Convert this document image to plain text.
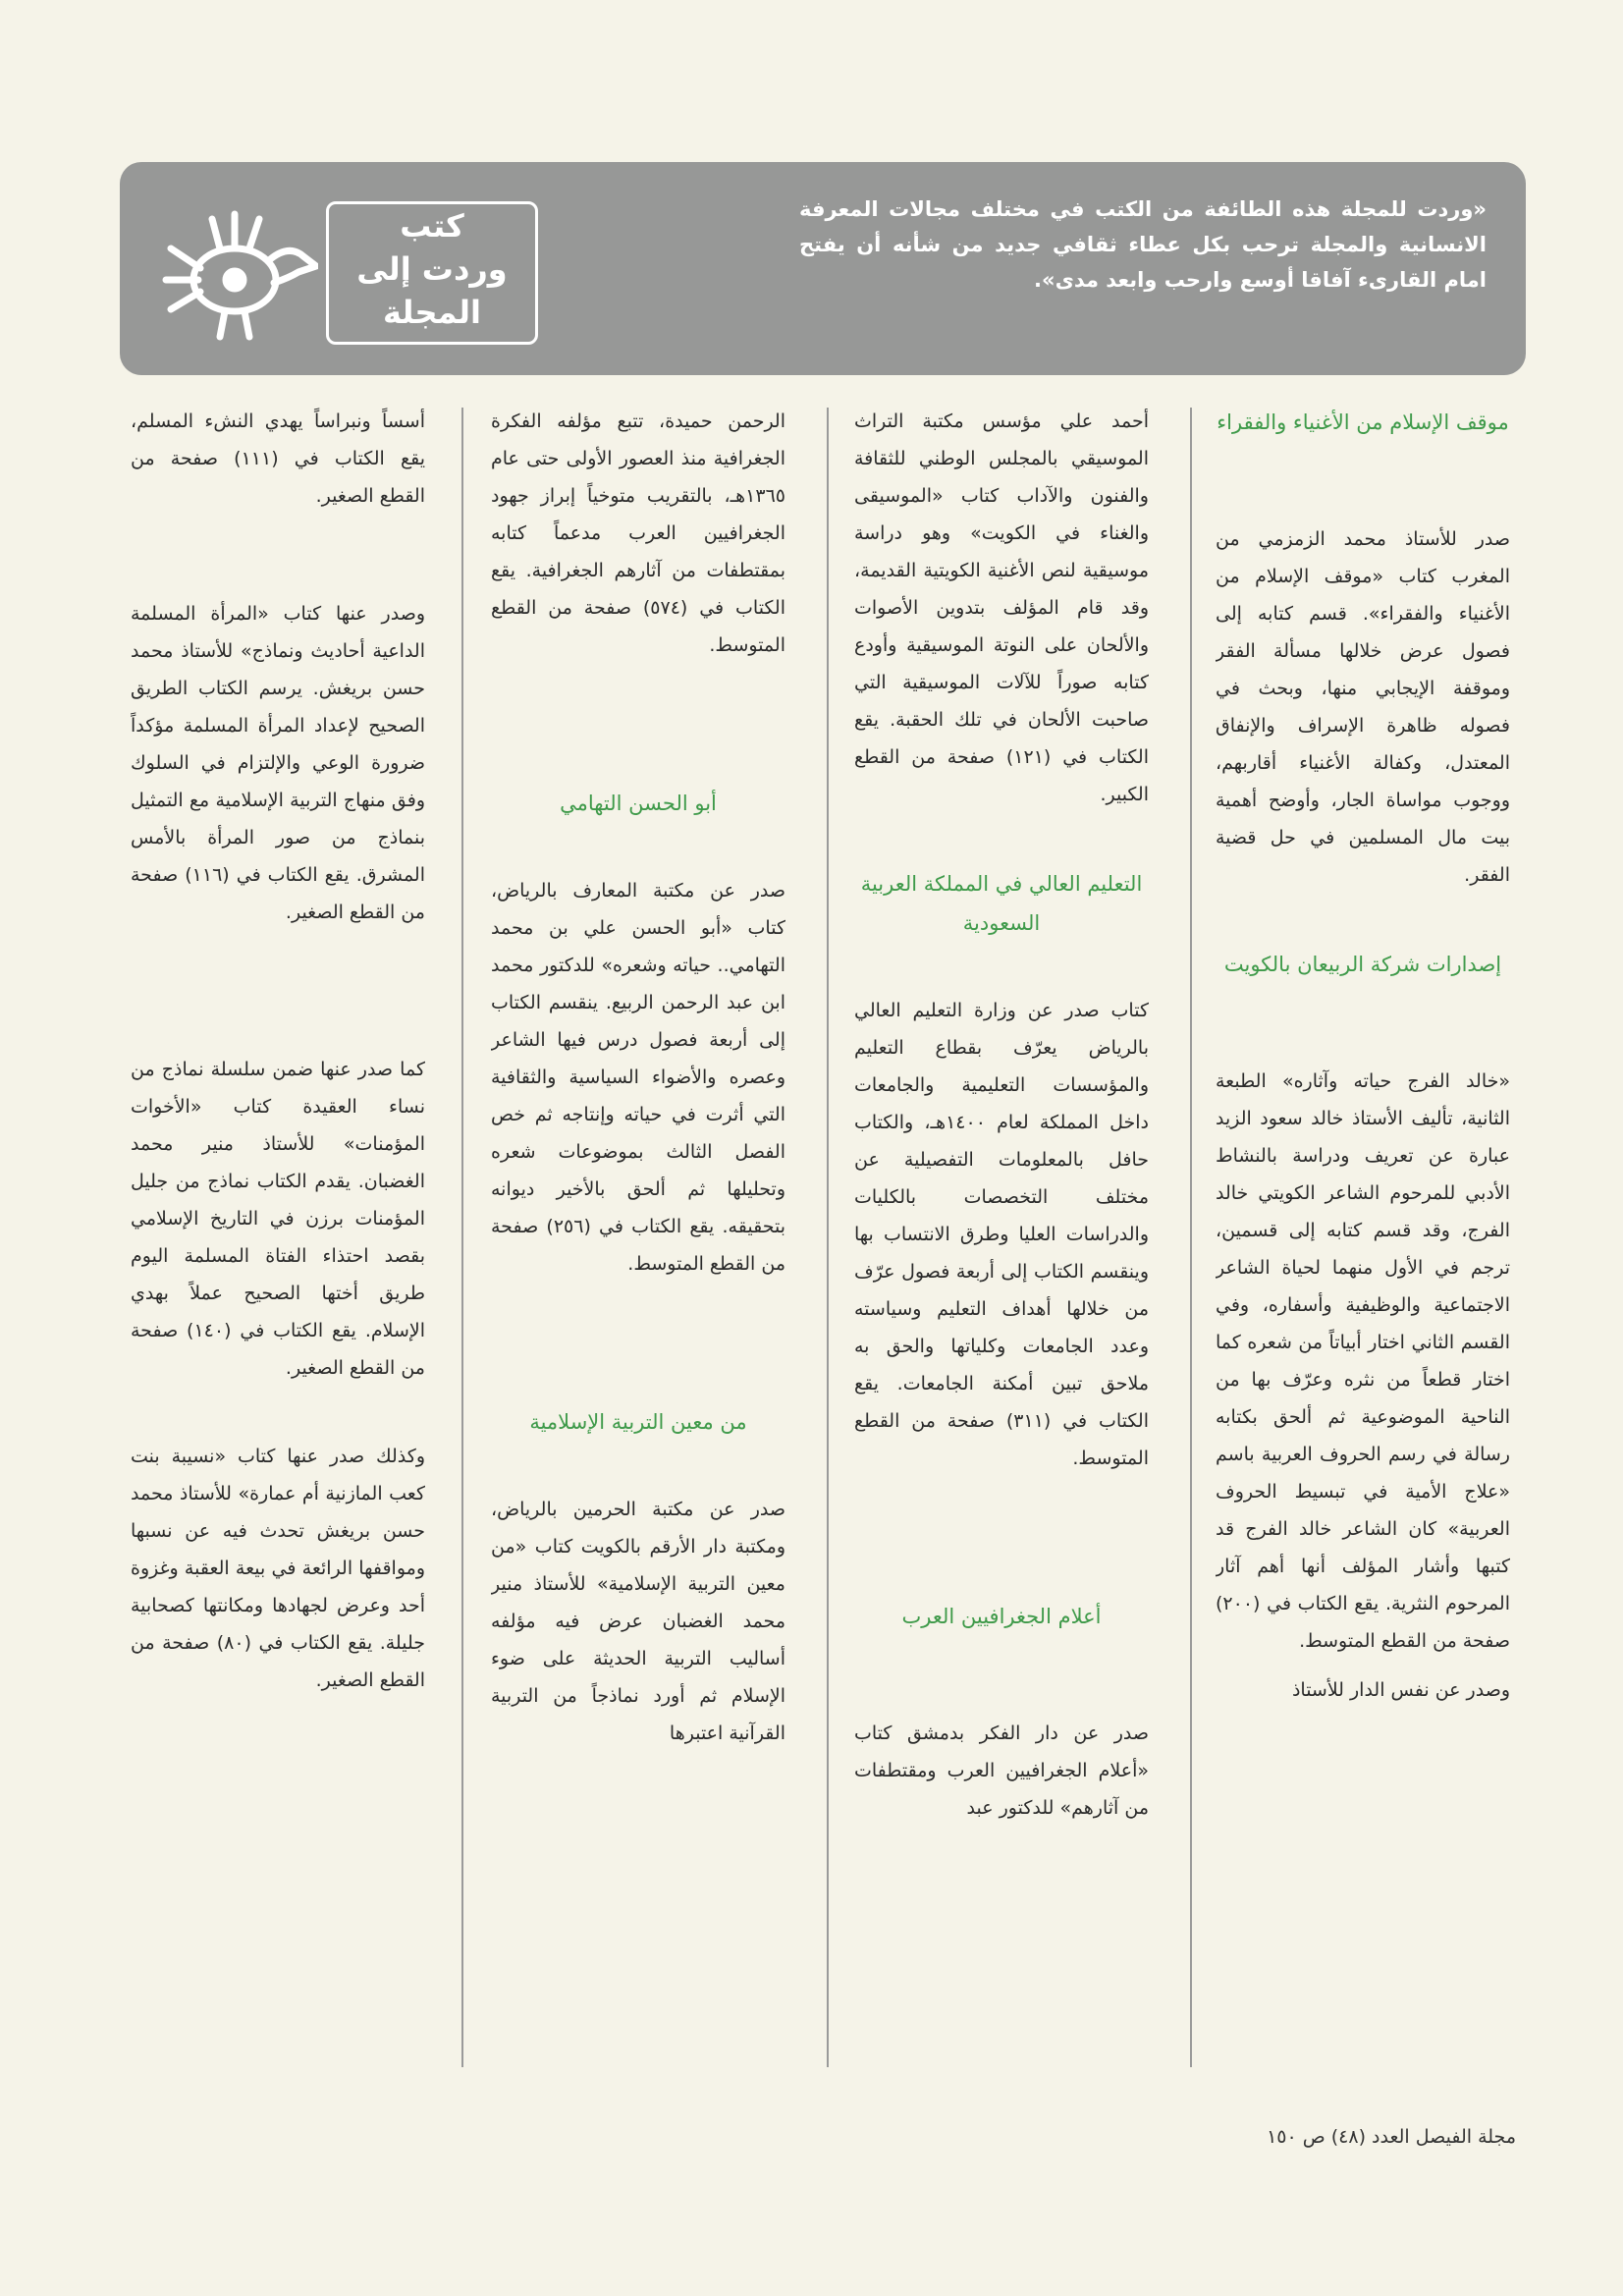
«وردت للمجلة هذه الطائفة من الكتب في مختلف مجالات المعرفة الانسانية والمجلة ترحب بكل عطاء ثقافي جديد من شأنه أن يفتح امام القارىء آفاقا أوسع وارحب وابعد مدى».
كتب
وردت إلى
المجلة
موقف الإسلام من الأغنياء والفقراء
صدر للأستاذ محمد الزمزمي من المغرب كتاب «موقف الإسلام من الأغنياء والفقراء». قسم كتابه إلى فصول عرض خلالها مسألة الفقر وموقفة الإيجابي منها، وبحث في فصوله ظاهرة الإسراف والإنفاق المعتدل، وكفالة الأغنياء أقاربهم، ووجوب مواساة الجار، وأوضح أهمية بيت مال المسلمين في حل قضية الفقر.
إصدارات شركة الربيعان بالكويت
«خالد الفرج حياته وآثاره» الطبعة الثانية، تأليف الأستاذ خالد سعود الزيد عبارة عن تعريف ودراسة بالنشاط الأدبي للمرحوم الشاعر الكويتي خالد الفرج، وقد قسم كتابه إلى قسمين، ترجم في الأول منهما لحياة الشاعر الاجتماعية والوظيفية وأسفاره، وفي القسم الثاني اختار أبياتاً من شعره كما اختار قطعاً من نثره وعرّف بها من الناحية الموضوعية ثم ألحق بكتابه رسالة في رسم الحروف العربية باسم «علاج الأمية في تبسيط الحروف العربية» كان الشاعر خالد الفرج قد كتبها وأشار المؤلف أنها أهم آثار المرحوم النثرية. يقع الكتاب في (٢٠٠) صفحة من القطع المتوسط.
وصدر عن نفس الدار للأستاذ
أحمد علي مؤسس مكتبة التراث الموسيقي بالمجلس الوطني للثقافة والفنون والآداب كتاب «الموسيقى والغناء في الكويت» وهو دراسة موسيقية لنص الأغنية الكويتية القديمة، وقد قام المؤلف بتدوين الأصوات والألحان على النوتة الموسيقية وأودع كتابه صوراً للآلات الموسيقية التي صاحبت الألحان في تلك الحقبة. يقع الكتاب في (١٢١) صفحة من القطع الكبير.
التعليم العالي في المملكة العربية السعودية
كتاب صدر عن وزارة التعليم العالي بالرياض يعرّف بقطاع التعليم والمؤسسات التعليمية والجامعات داخل المملكة لعام ١٤٠٠هـ، والكتاب حافل بالمعلومات التفصيلية عن مختلف التخصصات بالكليات والدراسات العليا وطرق الانتساب بها وينقسم الكتاب إلى أربعة فصول عرّف من خلالها أهداف التعليم وسياسته وعدد الجامعات وكلياتها والحق به ملاحق تبين أمكنة الجامعات. يقع الكتاب في (٣١١) صفحة من القطع المتوسط.
أعلام الجغرافيين العرب
صدر عن دار الفكر بدمشق كتاب «أعلام الجغرافيين العرب ومقتطفات من آثارهم» للدكتور عبد
الرحمن حميدة، تتبع مؤلفه الفكرة الجغرافية منذ العصور الأولى حتى عام ١٣٦٥هـ، بالتقريب متوخياً إبراز جهود الجغرافيين العرب مدعماً كتابه بمقتطفات من آثارهم الجغرافية. يقع الكتاب في (٥٧٤) صفحة من القطع المتوسط.
أبو الحسن التهامي
صدر عن مكتبة المعارف بالرياض، كتاب «أبو الحسن علي بن محمد التهامي.. حياته وشعره» للدكتور محمد ابن عبد الرحمن الربيع. ينقسم الكتاب إلى أربعة فصول درس فيها الشاعر وعصره والأضواء السياسية والثقافية التي أثرت في حياته وإنتاجه ثم خص الفصل الثالث بموضوعات شعره وتحليلها ثم ألحق بالأخير ديوانه بتحقيقه. يقع الكتاب في (٢٥٦) صفحة من القطع المتوسط.
من معين التربية الإسلامية
صدر عن مكتبة الحرمين بالرياض، ومكتبة دار الأرقم بالكويت كتاب «من معين التربية الإسلامية» للأستاذ منير محمد الغضبان عرض فيه مؤلفه أساليب التربية الحديثة على ضوء الإسلام ثم أورد نماذجاً من التربية القرآنية اعتبرها
أسساً ونبراساً يهدي النشء المسلم، يقع الكتاب في (١١١) صفحة من القطع الصغير.
وصدر عنها كتاب «المرأة المسلمة الداعية أحاديث ونماذج» للأستاذ محمد حسن بريغش. يرسم الكتاب الطريق الصحيح لإعداد المرأة المسلمة مؤكداً ضرورة الوعي والإلتزام في السلوك وفق منهاج التربية الإسلامية مع التمثيل بنماذج من صور المرأة بالأمس المشرق. يقع الكتاب في (١١٦) صفحة من القطع الصغير.
كما صدر عنها ضمن سلسلة نماذج من نساء العقيدة كتاب «الأخوات المؤمنات» للأستاذ منير محمد الغضبان. يقدم الكتاب نماذج من جليل المؤمنات برزن في التاريخ الإسلامي بقصد احتذاء الفتاة المسلمة اليوم طريق أختها الصحيح عملاً بهدي الإسلام. يقع الكتاب في (١٤٠) صفحة من القطع الصغير.
وكذلك صدر عنها كتاب «نسيبة بنت كعب المازنية أم عمارة» للأستاذ محمد حسن بريغش تحدث فيه عن نسبها ومواقفها الرائعة في بيعة العقبة وغزوة أحد وعرض لجهادها ومكانتها كصحابية جليلة. يقع الكتاب في (٨٠) صفحة من القطع الصغير.
مجلة الفيصل العدد (٤٨) ص ١٥٠
